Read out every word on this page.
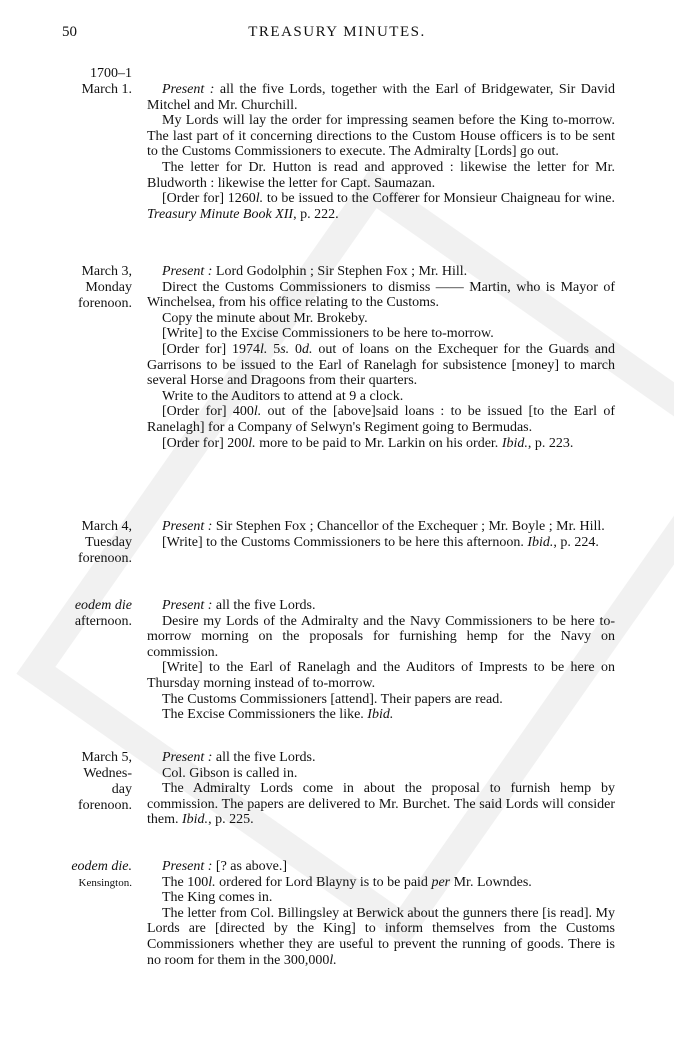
50	TREASURY MINUTES.
1700–1
March 1.	Present : all the five Lords, together with the Earl of Bridgewater, Sir David Mitchel and Mr. Churchill.

My Lords will lay the order for impressing seamen before the King to-morrow. The last part of it concerning directions to the Custom House officers is to be sent to the Customs Commissioners to execute. The Admiralty [Lords] go out.

The letter for Dr. Hutton is read and approved : likewise the letter for Mr. Bludworth : likewise the letter for Capt. Saumazan.

[Order for] 1260l. to be issued to the Cofferer for Monsieur Chaigneau for wine. Treasury Minute Book XII, p. 222.

March 3,
Monday
forenoon.

Present : Lord Godolphin ; Sir Stephen Fox ; Mr. Hill.

Direct the Customs Commissioners to dismiss —— Martin, who is Mayor of Winchelsea, from his office relating to the Customs.

Copy the minute about Mr. Brokeby.

[Write] to the Excise Commissioners to be here to-morrow.

[Order for] 1974l. 5s. 0d. out of loans on the Exchequer for the Guards and Garrisons to be issued to the Earl of Ranelagh for subsistence [money] to march several Horse and Dragoons from their quarters.

Write to the Auditors to attend at 9 a clock.

[Order for] 400l. out of the [above]said loans : to be issued [to the Earl of Ranelagh] for a Company of Selwyn's Regiment going to Bermudas.

[Order for] 200l. more to be paid to Mr. Larkin on his order. Ibid., p. 223.

March 4,
Tuesday
forenoon.

Present : Sir Stephen Fox ; Chancellor of the Exchequer ; Mr. Boyle ; Mr. Hill.

[Write] to the Customs Commissioners to be here this afternoon. Ibid., p. 224.

eodem die
afternoon.

Present : all the five Lords.

Desire my Lords of the Admiralty and the Navy Commissioners to be here to-morrow morning on the proposals for furnishing hemp for the Navy on commission.

[Write] to the Earl of Ranelagh and the Auditors of Imprests to be here on Thursday morning instead of to-morrow.

The Customs Commissioners [attend]. Their papers are read.

The Excise Commissioners the like. Ibid.

March 5,
Wednes-
day
forenoon.

Present : all the five Lords.

Col. Gibson is called in.

The Admiralty Lords come in about the proposal to furnish hemp by commission. The papers are delivered to Mr. Burchet. The said Lords will consider them. Ibid., p. 225.

eodem die.
Kensington.

Present : [? as above.]

The 100l. ordered for Lord Blayny is to be paid per Mr. Lowndes.

The King comes in.

The letter from Col. Billingsley at Berwick about the gunners there [is read]. My Lords are [directed by the King] to inform themselves from the Customs Commissioners whether they are useful to prevent the running of goods. There is no room for them in the 300,000l.
